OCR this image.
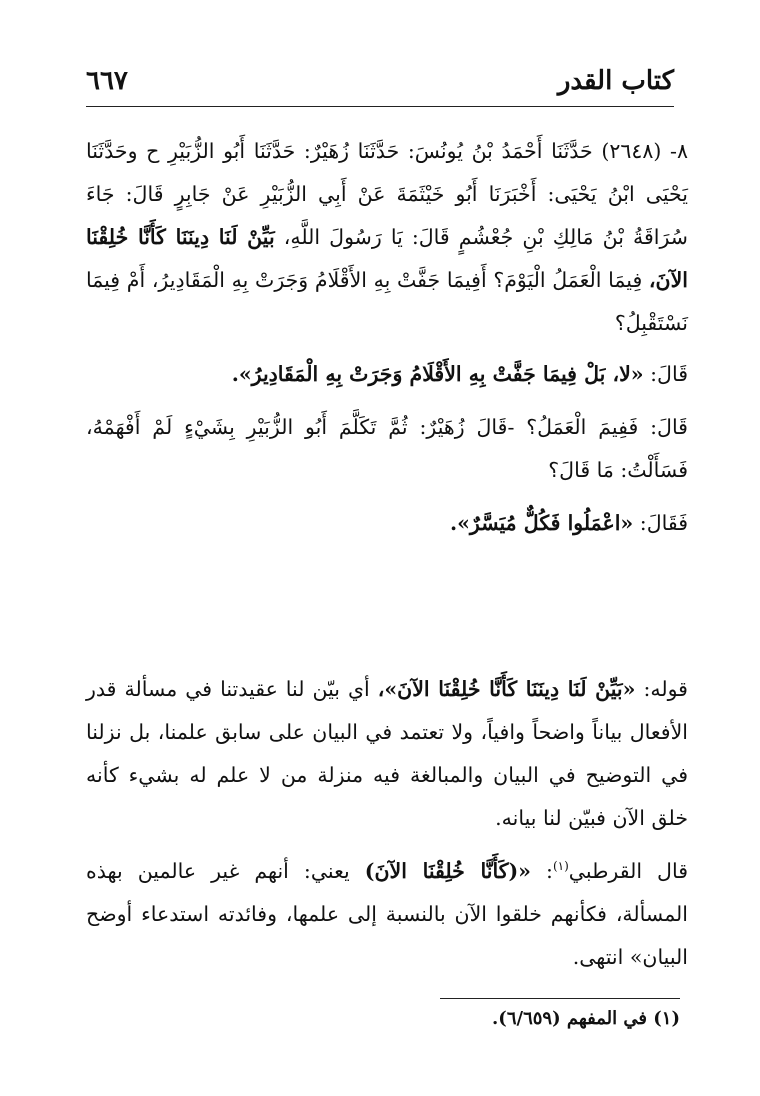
٦٦٧	كتاب القدر

٨- (٢٦٤٨) حَدَّثَنَا أَحْمَدُ بْنُ يُونُسَ: حَدَّثَنَا زُهَيْرٌ: حَدَّثَنَا أَبُو الزُّبَيْرِ ح وحَدَّثَنَا يَحْيَى ابْنُ يَحْيَى: أَخْبَرَنَا أَبُو خَيْثَمَةَ عَنْ أَبِي الزُّبَيْرِ عَنْ جَابِرٍ قَالَ: جَاءَ سُرَاقَةُ بْنُ مَالِكِ بْنِ جُعْشُمٍ قَالَ: يَا رَسُولَ اللَّهِ، بَيِّنْ لَنَا دِينَنَا كَأَنَّا خُلِقْنَا الآنَ، فِيمَا الْعَمَلُ الْيَوْمَ؟ أَفِيمَا جَفَّتْ بِهِ الأَقْلَامُ وَجَرَتْ بِهِ الْمَقَادِيرُ، أَمْ فِيمَا نَسْتَقْبِلُ؟

قَالَ: «لا، بَلْ فِيمَا جَفَّتْ بِهِ الأَقْلَامُ وَجَرَتْ بِهِ الْمَقَادِيرُ».

قَالَ: فَفِيمَ الْعَمَلُ؟ -قَالَ زُهَيْرٌ: ثُمَّ تَكَلَّمَ أَبُو الزُّبَيْرِ بِشَيْءٍ لَمْ أَفْهَمْهُ، فَسَأَلْتُ: مَا قَالَ؟

فَقَالَ: «اعْمَلُوا فَكُلٌّ مُيَسَّرٌ».

قوله: «بَيِّنْ لَنَا دِينَنَا كَأَنَّا خُلِقْنَا الآنَ»، أي بيّن لنا عقيدتنا في مسألة قدر الأفعال بياناً واضحاً وافياً، ولا تعتمد في البيان على سابق علمنا، بل نزلنا في التوضيح في البيان والمبالغة فيه منزلة من لا علم له بشيء كأنه خلق الآن فبيّن لنا بيانه.

قال القرطبي$^{(١)}$: «(كَأَنَّا خُلِقْنَا الآنَ) يعني: أنهم غير عالمين بهذه المسألة، فكأنهم خلقوا الآن بالنسبة إلى علمها، وفائدته استدعاء أوضح البيان» انتهى.

(١) في المفهم (٦/٦٥٩).
